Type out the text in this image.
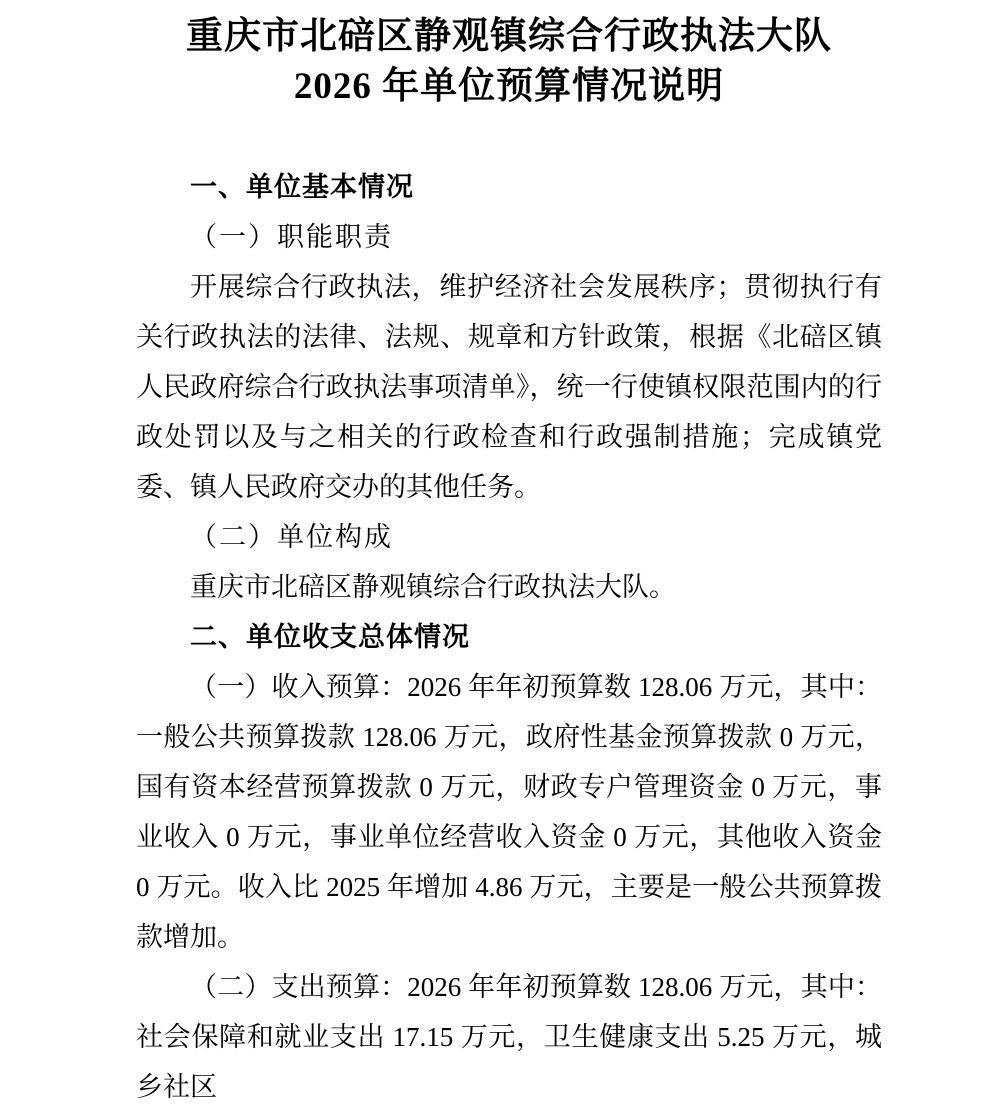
重庆市北碚区静观镇综合行政执法大队
2026 年单位预算情况说明
一、单位基本情况

（一）职能职责

开展综合行政执法，维护经济社会发展秩序；贯彻执行有关行政执法的法律、法规、规章和方针政策，根据《北碚区镇人民政府综合行政执法事项清单》，统一行使镇权限范围内的行政处罚以及与之相关的行政检查和行政强制措施；完成镇党委、镇人民政府交办的其他任务。

（二）单位构成

重庆市北碚区静观镇综合行政执法大队。

二、单位收支总体情况

（一）收入预算：2026 年年初预算数 128.06 万元，其中：一般公共预算拨款 128.06 万元，政府性基金预算拨款 0 万元，国有资本经营预算拨款 0 万元，财政专户管理资金 0 万元，事业收入 0 万元，事业单位经营收入资金 0 万元，其他收入资金 0 万元。收入比 2025 年增加 4.86 万元，主要是一般公共预算拨款增加。

（二）支出预算：2026 年年初预算数 128.06 万元，其中：社会保障和就业支出 17.15 万元，卫生健康支出 5.25 万元，城乡社区
